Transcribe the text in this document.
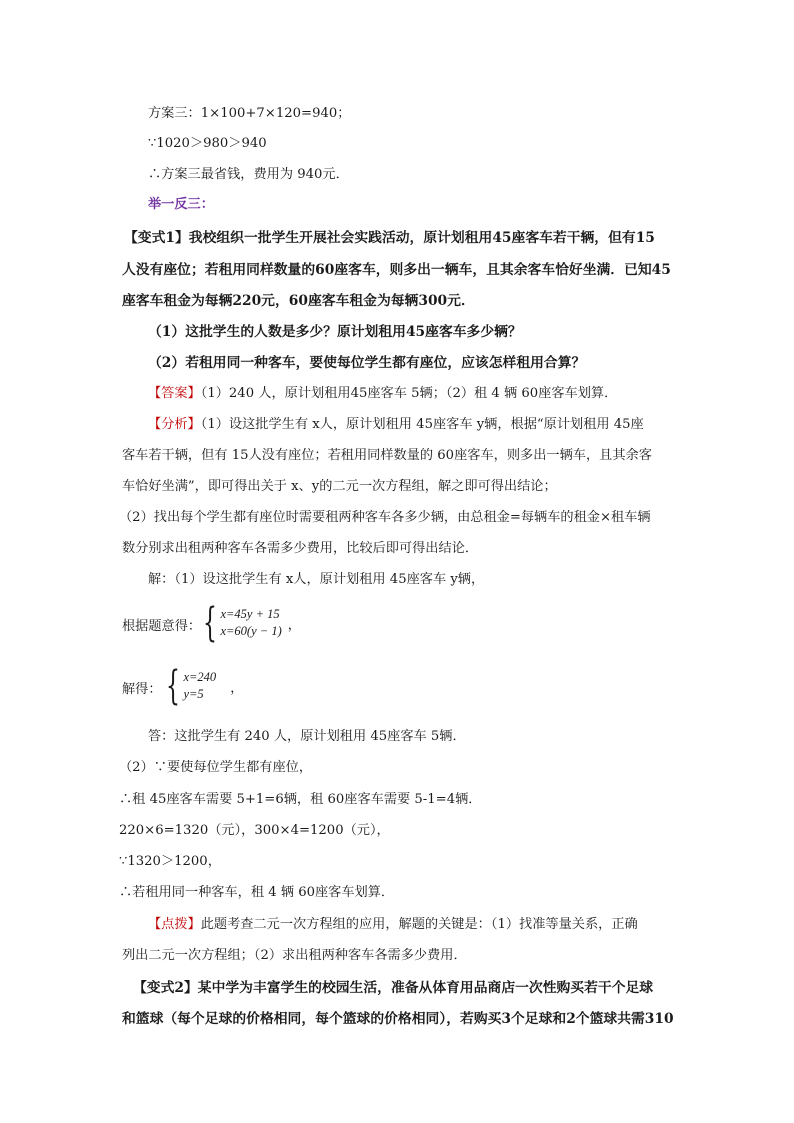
方案三：1×100+7×120=940；
∵1020＞980＞940
∴方案三最省钱，费用为 940元．
举一反三：
【变式1】我校组织一批学生开展社会实践活动，原计划租用45座客车若干辆，但有15
人没有座位；若租用同样数量的60座客车，则多出一辆车，且其余客车恰好坐满．已知45
座客车租金为每辆220元，60座客车租金为每辆300元．
（1）这批学生的人数是多少？原计划租用45座客车多少辆？
（2）若租用同一种客车，要使每位学生都有座位，应该怎样租用合算？
【答案】（1）240 人，原计划租用45座客车 5辆；（2）租 4 辆 60座客车划算．
【分析】（1）设这批学生有 x人，原计划租用 45座客车 y辆，根据“原计划租用 45座
客车若干辆，但有 15人没有座位；若租用同样数量的 60座客车，则多出一辆车，且其余客
车恰好坐满”，即可得出关于 x、y的二元一次方程组，解之即可得出结论；
（2）找出每个学生都有座位时需要租两种客车各多少辆，由总租金=每辆车的租金×租车辆
数分别求出租两种客车各需多少费用，比较后即可得出结论．
解：（1）设这批学生有 x人，原计划租用 45座客车 y辆，
根据题意得： { x=45y + 15
x=60(y − 1) ，
解得： { x=240
y=5	，
答：这批学生有 240 人，原计划租用 45座客车 5辆．
（2）∵要使每位学生都有座位，
∴租 45座客车需要 5+1=6辆，租 60座客车需要 5-1=4辆．
220×6=1320（元），300×4=1200（元），
∵1320＞1200，
∴若租用同一种客车，租 4 辆 60座客车划算．
【点拨】此题考查二元一次方程组的应用，解题的关键是：（1）找准等量关系，正确
列出二元一次方程组；（2）求出租两种客车各需多少费用．
【变式2】某中学为丰富学生的校园生活，准备从体育用品商店一次性购买若干个足球
和篮球（每个足球的价格相同，每个篮球的价格相同），若购买3个足球和2个篮球共需310
